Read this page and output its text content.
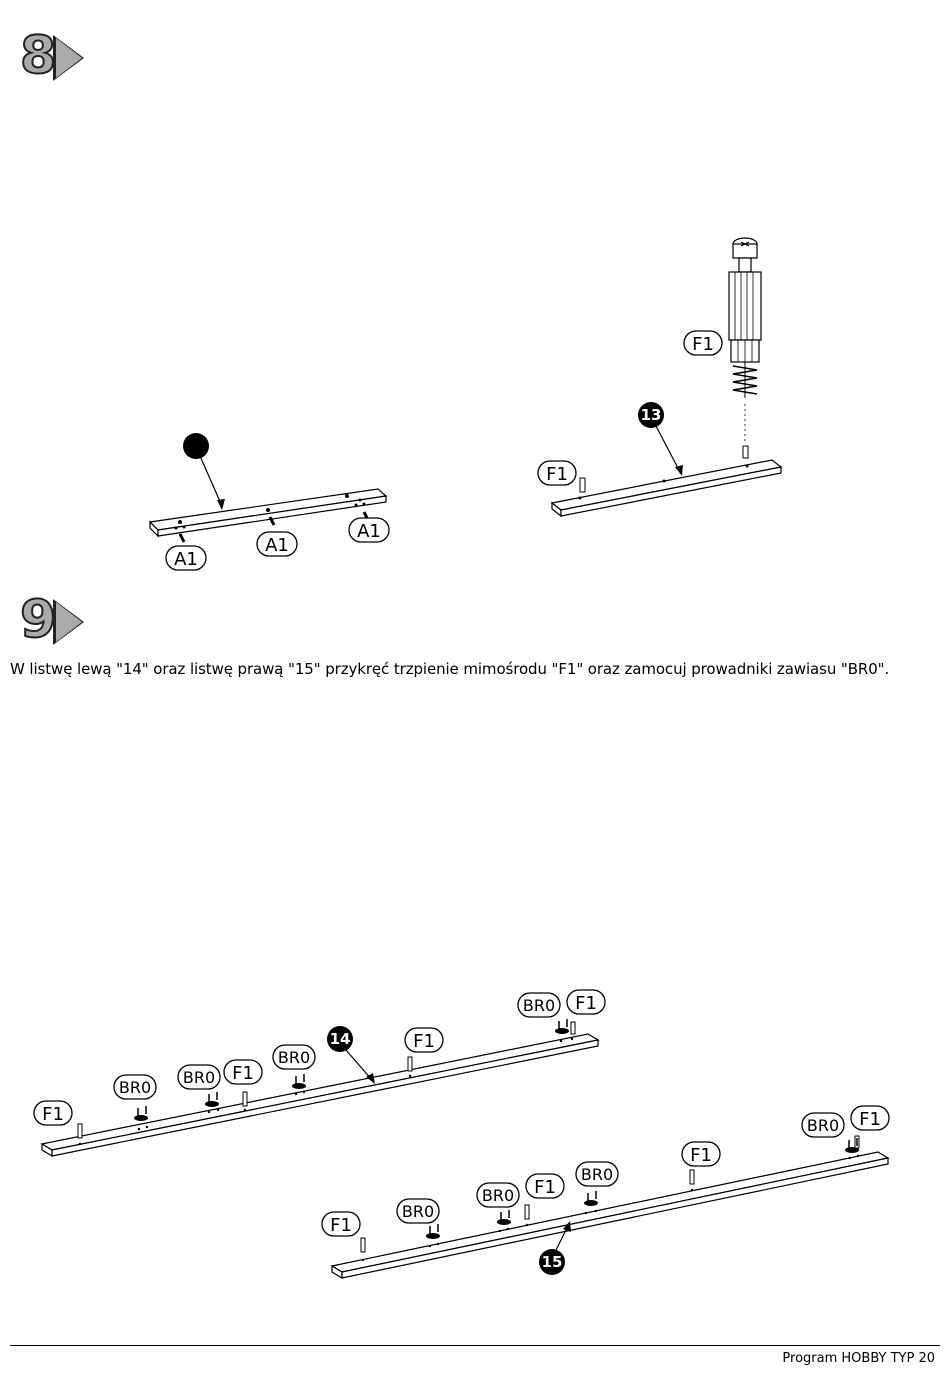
8
A1
A1
A1
F1
F1
13
9
W listwę lewą "14" oraz listwę prawą "15" przykręć trzpienie mimośrodu "F1" oraz zamocuj prowadniki zawiasu "BR0".
14
F1
BR0
BR0 F1
BR0
F1
BR0 F1
15
F1
BR0
BR0 F1
BR0
F1
BR0 F1
Program HOBBY TYP 20
